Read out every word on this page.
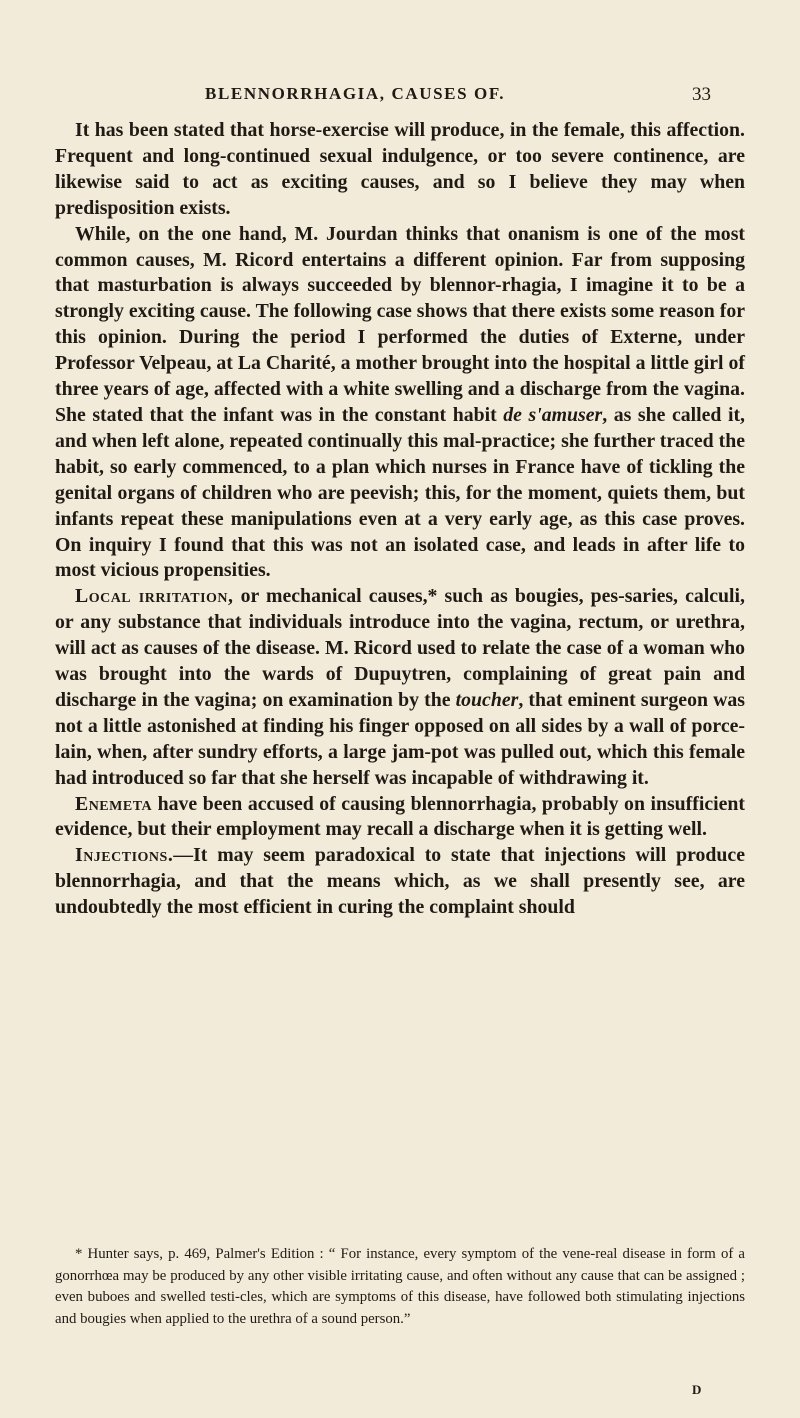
BLENNORRHAGIA, CAUSES OF.	33

It has been stated that horse-exercise will produce, in the female, this affection. Frequent and long-continued sexual indulgence, or too severe continence, are likewise said to act as exciting causes, and so I believe they may when predisposition exists.

While, on the one hand, M. Jourdan thinks that onanism is one of the most common causes, M. Ricord entertains a different opinion. Far from supposing that masturbation is always succeeded by blennor-rhagia, I imagine it to be a strongly exciting cause. The following case shows that there exists some reason for this opinion. During the period I performed the duties of Externe, under Professor Velpeau, at La Charité, a mother brought into the hospital a little girl of three years of age, affected with a white swelling and a discharge from the vagina. She stated that the infant was in the constant habit de s'amuser, as she called it, and when left alone, repeated continually this mal-practice; she further traced the habit, so early commenced, to a plan which nurses in France have of tickling the genital organs of children who are peevish; this, for the moment, quiets them, but infants repeat these manipulations even at a very early age, as this case proves. On inquiry I found that this was not an isolated case, and leads in after life to most vicious propensities.

Local irritation, or mechanical causes,* such as bougies, pes-saries, calculi, or any substance that individuals introduce into the vagina, rectum, or urethra, will act as causes of the disease. M. Ricord used to relate the case of a woman who was brought into the wards of Dupuytren, complaining of great pain and discharge in the vagina; on examination by the toucher, that eminent surgeon was not a little astonished at finding his finger opposed on all sides by a wall of porce-lain, when, after sundry efforts, a large jam-pot was pulled out, which this female had introduced so far that she herself was incapable of withdrawing it.

Enemeta have been accused of causing blennorrhagia, probably on insufficient evidence, but their employment may recall a discharge when it is getting well.

Injections.—It may seem paradoxical to state that injections will produce blennorrhagia, and that the means which, as we shall presently see, are undoubtedly the most efficient in curing the complaint should

* Hunter says, p. 469, Palmer's Edition : “ For instance, every symptom of the vene-real disease in form of a gonorrhœa may be produced by any other visible irritating cause, and often without any cause that can be assigned ; even buboes and swelled testi-cles, which are symptoms of this disease, have followed both stimulating injections and bougies when applied to the urethra of a sound person.”

D
